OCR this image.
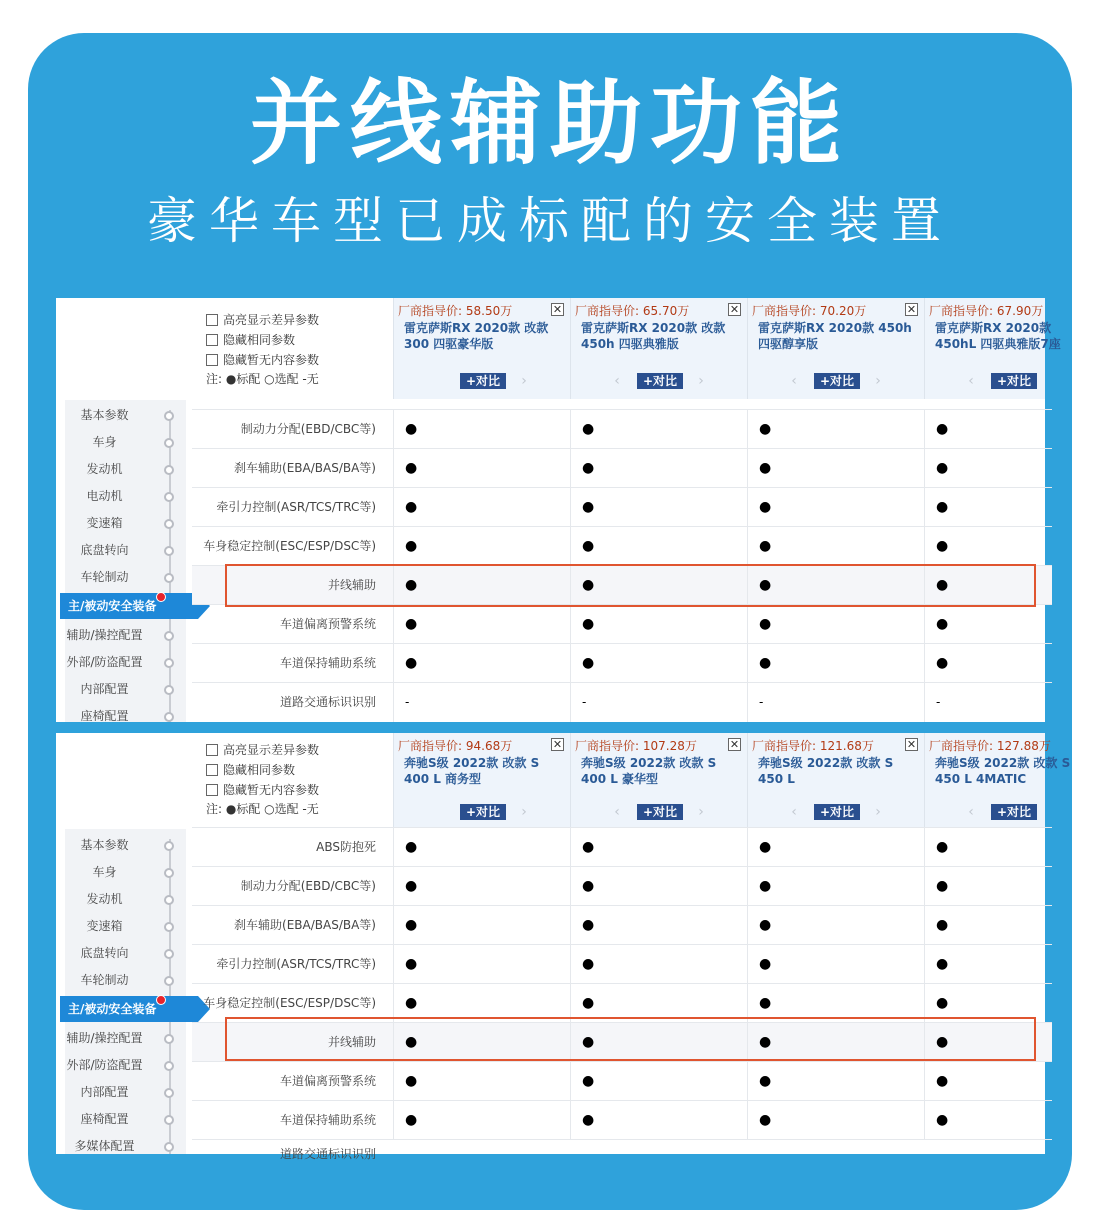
并线辅助功能
豪华车型已成标配的安全装置
基本参数
车身
发动机
电动机
变速箱
底盘转向
车轮制动
主/被动安全装备
辅助/操控配置
外部/防盗配置
内部配置
座椅配置
高亮显示差异参数
隐藏相同参数
隐藏暂无内容参数
注: ●标配 ○选配 -无
厂商指导价: 58.50万	✕
雷克萨斯RX 2020款 改款 300 四驱豪华版
+对比	›
厂商指导价: 65.70万	✕
雷克萨斯RX 2020款 改款 450h 四驱典雅版
‹	+对比	›
厂商指导价: 70.20万	✕
雷克萨斯RX 2020款 450h 四驱醇享版
‹	+对比	›
厂商指导价: 67.90万
雷克萨斯RX 2020款 450hL 四驱典雅版7座
‹	+对比
制动力分配(EBD/CBC等)	●	●	●	●
刹车辅助(EBA/BAS/BA等)	●	●	●	●
牵引力控制(ASR/TCS/TRC等)	●	●	●	●
车身稳定控制(ESC/ESP/DSC等)	●	●	●	●
并线辅助	●	●	●	●
车道偏离预警系统	●	●	●	●
车道保持辅助系统	●	●	●	●
道路交通标识识别	-	-	-	-
基本参数
车身
发动机
变速箱
底盘转向
车轮制动
主/被动安全装备
辅助/操控配置
外部/防盗配置
内部配置
座椅配置
多媒体配置
高亮显示差异参数
隐藏相同参数
隐藏暂无内容参数
注: ●标配 ○选配 -无
厂商指导价: 94.68万	✕
奔驰S级 2022款 改款 S 400 L 商务型
+对比	›
厂商指导价: 107.28万	✕
奔驰S级 2022款 改款 S 400 L 豪华型
‹	+对比	›
厂商指导价: 121.68万	✕
奔驰S级 2022款 改款 S 450 L
‹	+对比	›
厂商指导价: 127.88万
奔驰S级 2022款 改款 S 450 L 4MATIC
‹	+对比
ABS防抱死	●	●	●	●
制动力分配(EBD/CBC等)	●	●	●	●
刹车辅助(EBA/BAS/BA等)	●	●	●	●
牵引力控制(ASR/TCS/TRC等)	●	●	●	●
车身稳定控制(ESC/ESP/DSC等)	●	●	●	●
并线辅助	●	●	●	●
车道偏离预警系统	●	●	●	●
车道保持辅助系统	●	●	●	●
道路交通标识识别
